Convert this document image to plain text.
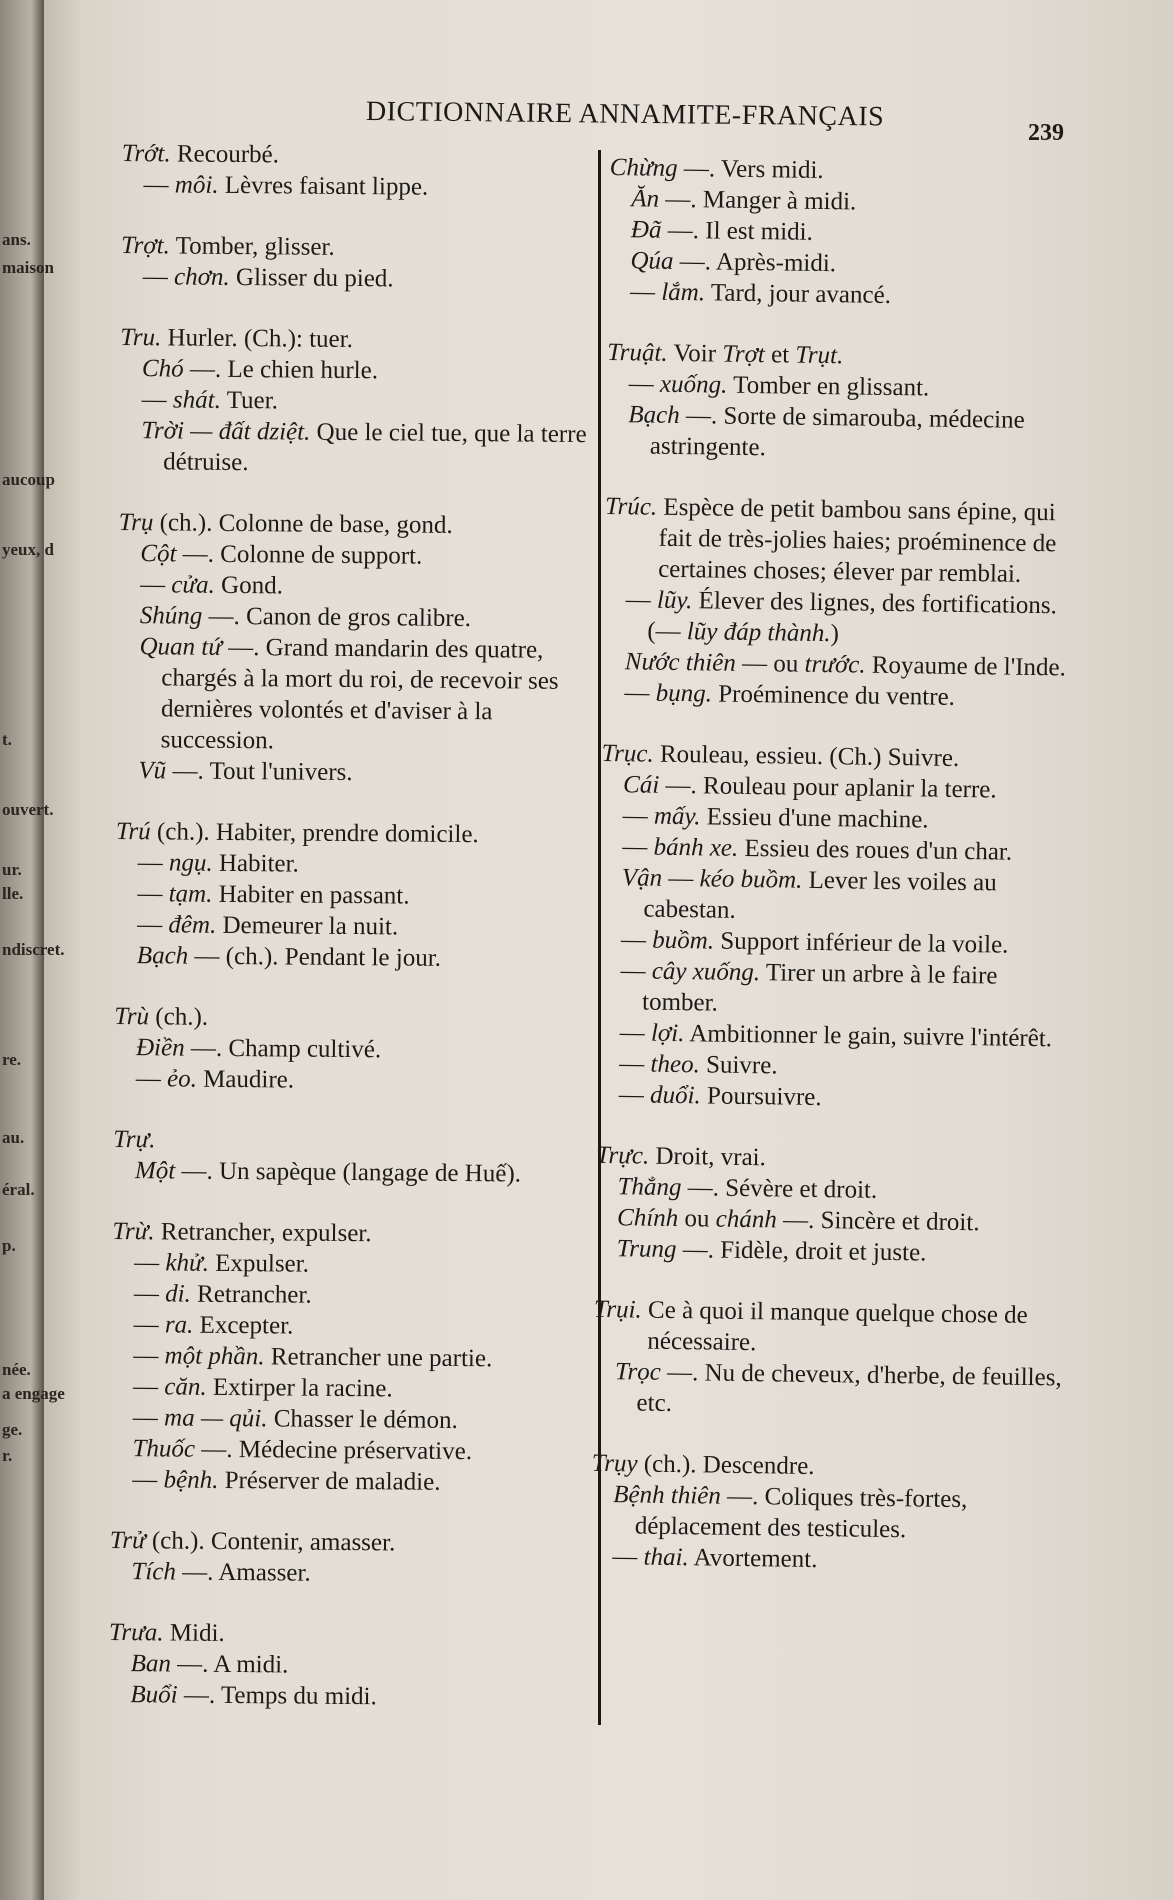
ans.
maison
aucoup
yeux, d
t.
ouvert.
ur.
lle.
ndiscret.
re.
au.
éral.
p.
née.
a engage
ge.
r.
DICTIONNAIRE ANNAMITE-FRANÇAIS
239
Trớt. Recourbé.
— môi. Lèvres faisant lippe.
Trợt. Tomber, glisser.
— chơn. Glisser du pied.
Tru. Hurler. (Ch.): tuer.
Chó —. Le chien hurle.
— shát. Tuer.
Trời — đất dziệt. Que le ciel tue, que la terre détruise.
Trụ (ch.). Colonne de base, gond.
Cột —. Colonne de support.
— cửa. Gond.
Shúng —. Canon de gros calibre.
Quan tứ —. Grand mandarin des quatre, chargés à la mort du roi, de recevoir ses dernières volontés et d'aviser à la succession.
Vũ —. Tout l'univers.
Trú (ch.). Habiter, prendre domicile.
— ngụ. Habiter.
— tạm. Habiter en passant.
— đêm. Demeurer la nuit.
Bạch — (ch.). Pendant le jour.
Trù (ch.).
Điền —. Champ cultivé.
— ẻo. Maudire.
Trự.
Một —. Un sapèque (langage de Huế).
Trừ. Retrancher, expulser.
— khử. Expulser.
— di. Retrancher.
— ra. Excepter.
— một phần. Retrancher une partie.
— căn. Extirper la racine.
— ma — qủi. Chasser le démon.
Thuốc —. Médecine préservative.
— bệnh. Préserver de maladie.
Trử (ch.). Contenir, amasser.
Tích —. Amasser.
Trưa. Midi.
Ban —. A midi.
Buổi —. Temps du midi.
Chừng —. Vers midi.
Ăn —. Manger à midi.
Đã —. Il est midi.
Qúa —. Après-midi.
— lắm. Tard, jour avancé.
Truật. Voir Trợt et Trụt.
— xuống. Tomber en glissant.
Bạch —. Sorte de simarouba, médecine astringente.
Trúc. Espèce de petit bambou sans épine, qui fait de très-jolies haies; proéminence de certaines choses; élever par remblai.
— lũy. Élever des lignes, des fortifications. (— lũy đáp thành.)
Nước thiên — ou trước. Royaume de l'Inde.
— bụng. Proéminence du ventre.
Trục. Rouleau, essieu. (Ch.) Suivre.
Cái —. Rouleau pour aplanir la terre.
— mấy. Essieu d'une machine.
— bánh xe. Essieu des roues d'un char.
Vận — kéo buồm. Lever les voiles au cabestan.
— buồm. Support inférieur de la voile.
— cây xuống. Tirer un arbre à le faire tomber.
— lợi. Ambitionner le gain, suivre l'intérêt.
— theo. Suivre.
— duổi. Poursuivre.
Trực. Droit, vrai.
Thẳng —. Sévère et droit.
Chính ou chánh —. Sincère et droit.
Trung —. Fidèle, droit et juste.
Trụi. Ce à quoi il manque quelque chose de nécessaire.
Trọc —. Nu de cheveux, d'herbe, de feuilles, etc.
Trụy (ch.). Descendre.
Bệnh thiên —. Coliques très-fortes, déplacement des testicules.
— thai. Avortement.
